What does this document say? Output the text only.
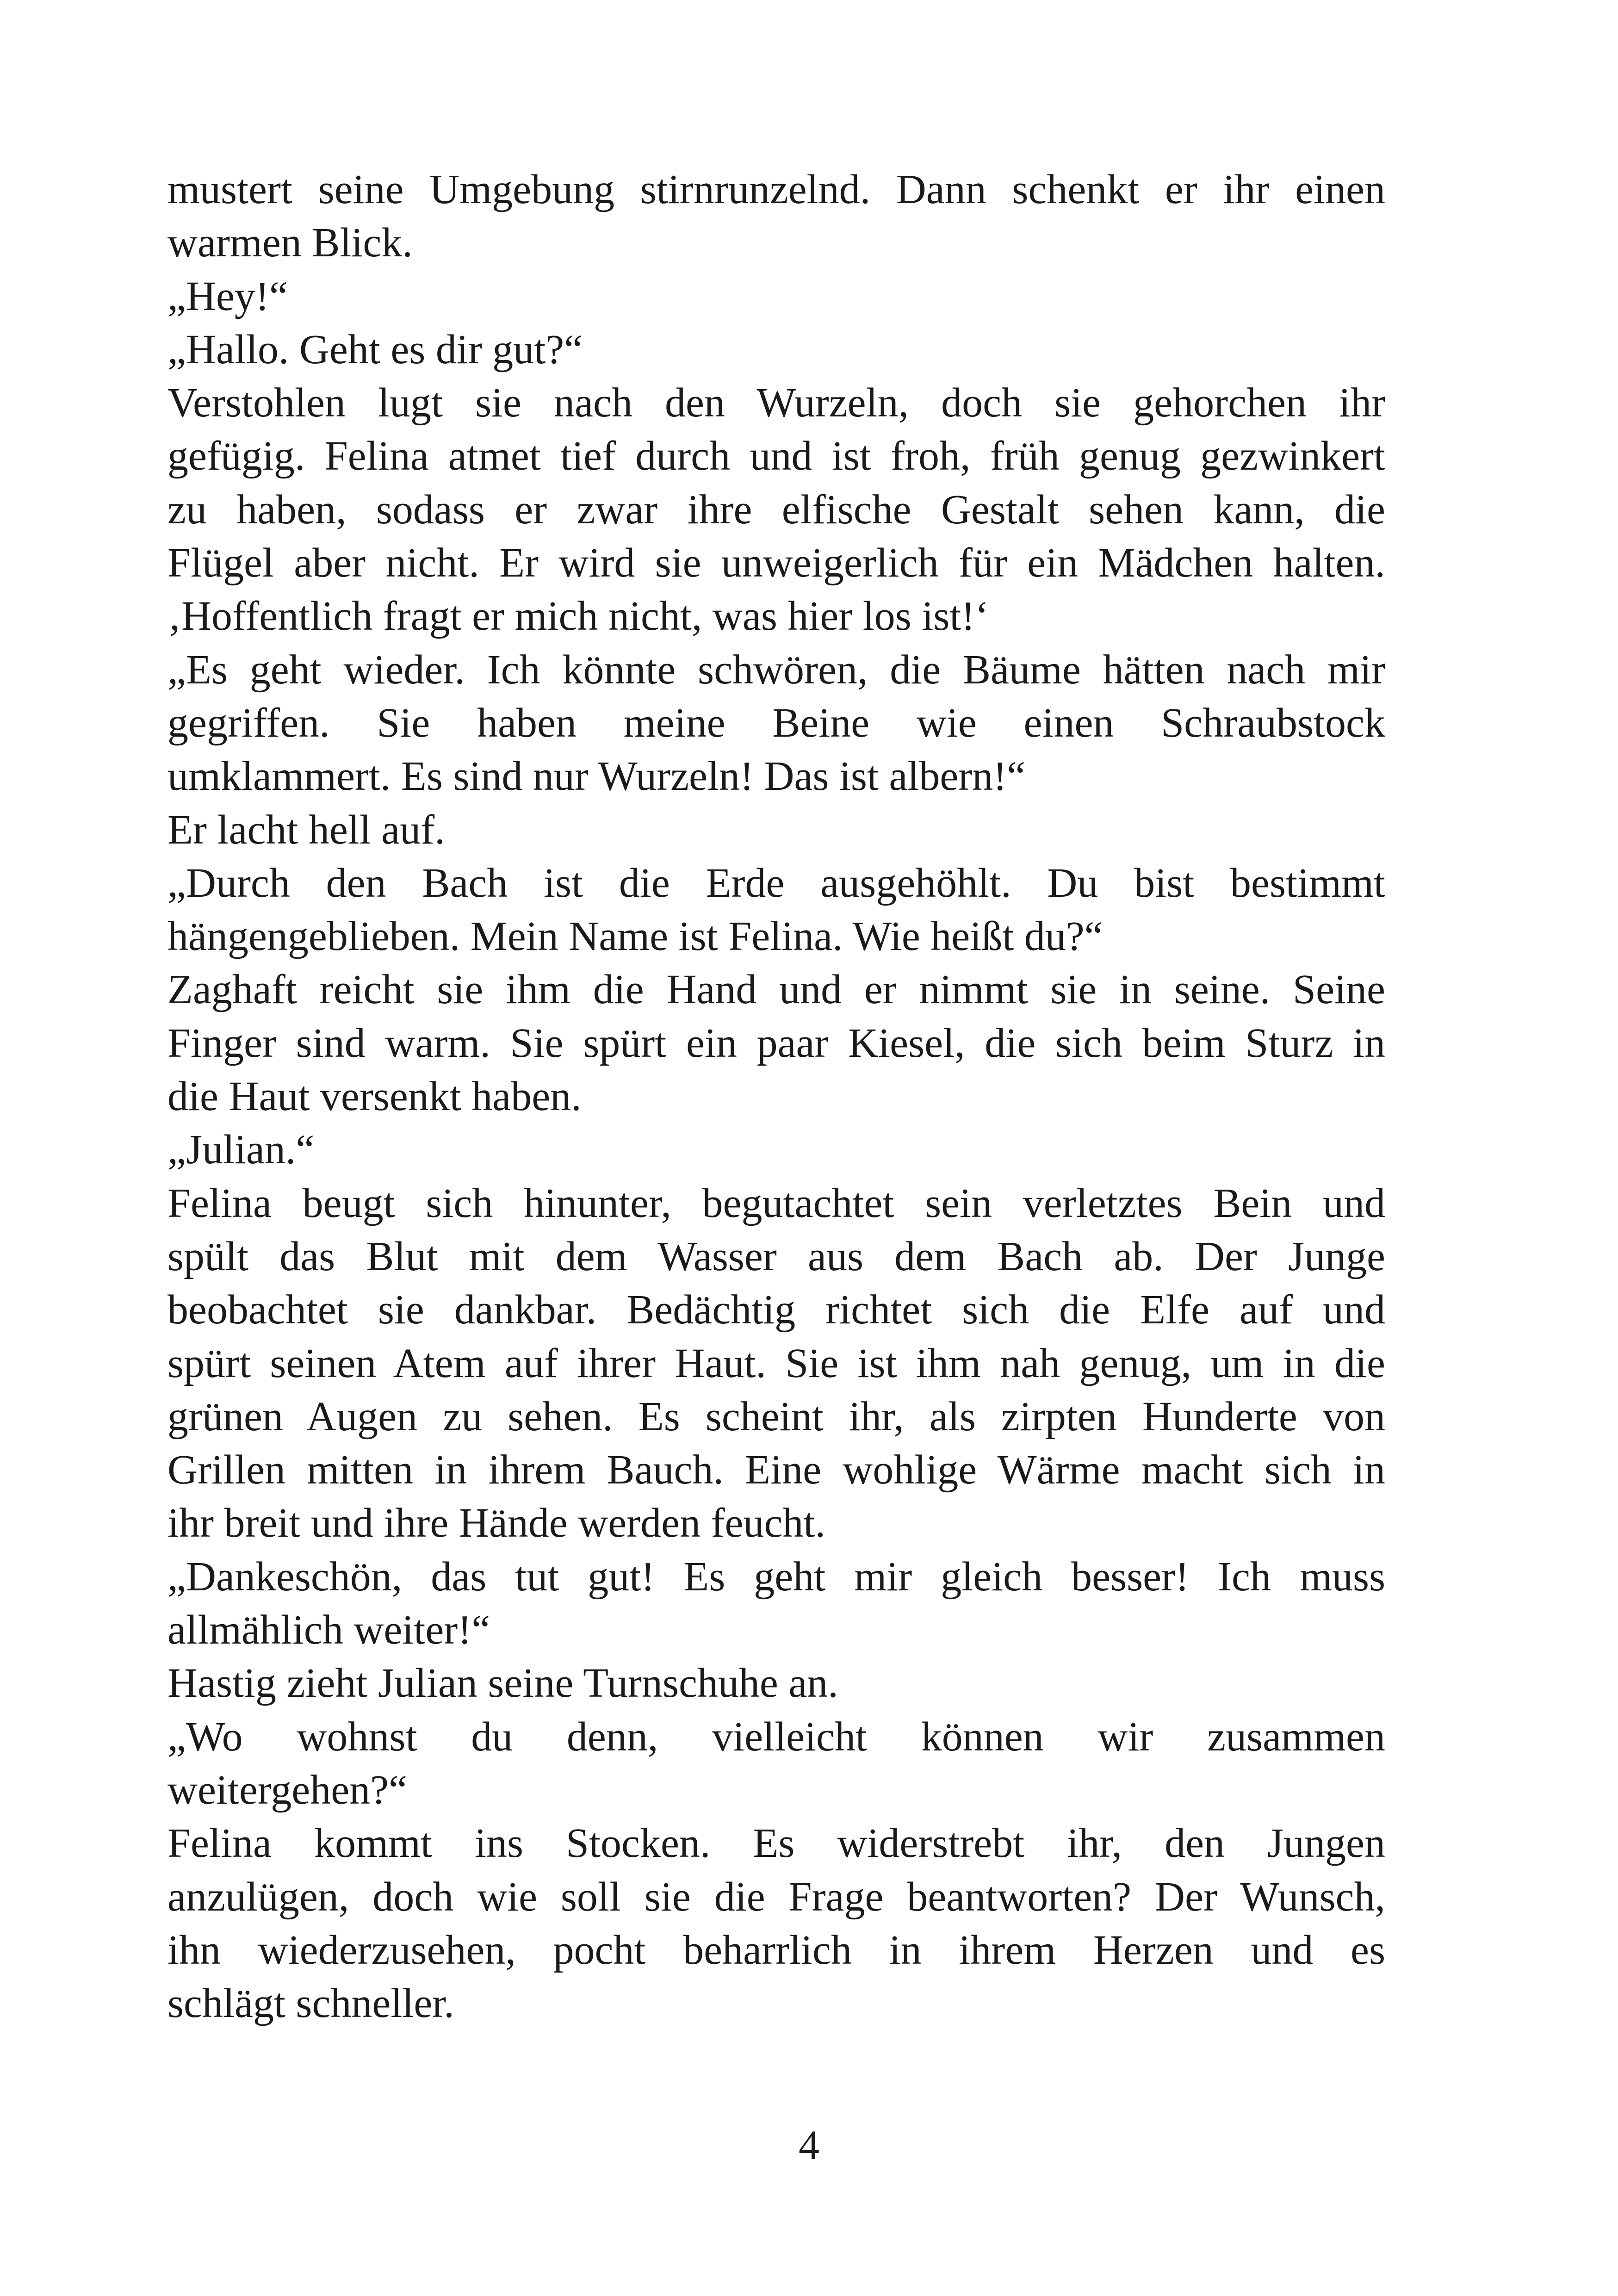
mustert seine Umgebung stirnrunzelnd. Dann schenkt er ihr einen
warmen Blick.
„Hey!“
„Hallo. Geht es dir gut?“
Verstohlen lugt sie nach den Wurzeln, doch sie gehorchen ihr
gefügig. Felina atmet tief durch und ist froh, früh genug gezwinkert
zu haben, sodass er zwar ihre elfische Gestalt sehen kann, die
Flügel aber nicht. Er wird sie unweigerlich für ein Mädchen halten.
‚Hoffentlich fragt er mich nicht, was hier los ist!‘
„Es geht wieder. Ich könnte schwören, die Bäume hätten nach mir
gegriffen. Sie haben meine Beine wie einen Schraubstock
umklammert. Es sind nur Wurzeln! Das ist albern!“
Er lacht hell auf.
„Durch den Bach ist die Erde ausgehöhlt. Du bist bestimmt
hängengeblieben. Mein Name ist Felina. Wie heißt du?“
Zaghaft reicht sie ihm die Hand und er nimmt sie in seine. Seine
Finger sind warm. Sie spürt ein paar Kiesel, die sich beim Sturz in
die Haut versenkt haben.
„Julian.“
Felina beugt sich hinunter, begutachtet sein verletztes Bein und
spült das Blut mit dem Wasser aus dem Bach ab. Der Junge
beobachtet sie dankbar. Bedächtig richtet sich die Elfe auf und
spürt seinen Atem auf ihrer Haut. Sie ist ihm nah genug, um in die
grünen Augen zu sehen. Es scheint ihr, als zirpten Hunderte von
Grillen mitten in ihrem Bauch. Eine wohlige Wärme macht sich in
ihr breit und ihre Hände werden feucht.
„Dankeschön, das tut gut! Es geht mir gleich besser! Ich muss
allmählich weiter!“
Hastig zieht Julian seine Turnschuhe an.
„Wo wohnst du denn, vielleicht können wir zusammen
weitergehen?“
Felina kommt ins Stocken. Es widerstrebt ihr, den Jungen
anzulügen, doch wie soll sie die Frage beantworten? Der Wunsch,
ihn wiederzusehen, pocht beharrlich in ihrem Herzen und es
schlägt schneller.
4
